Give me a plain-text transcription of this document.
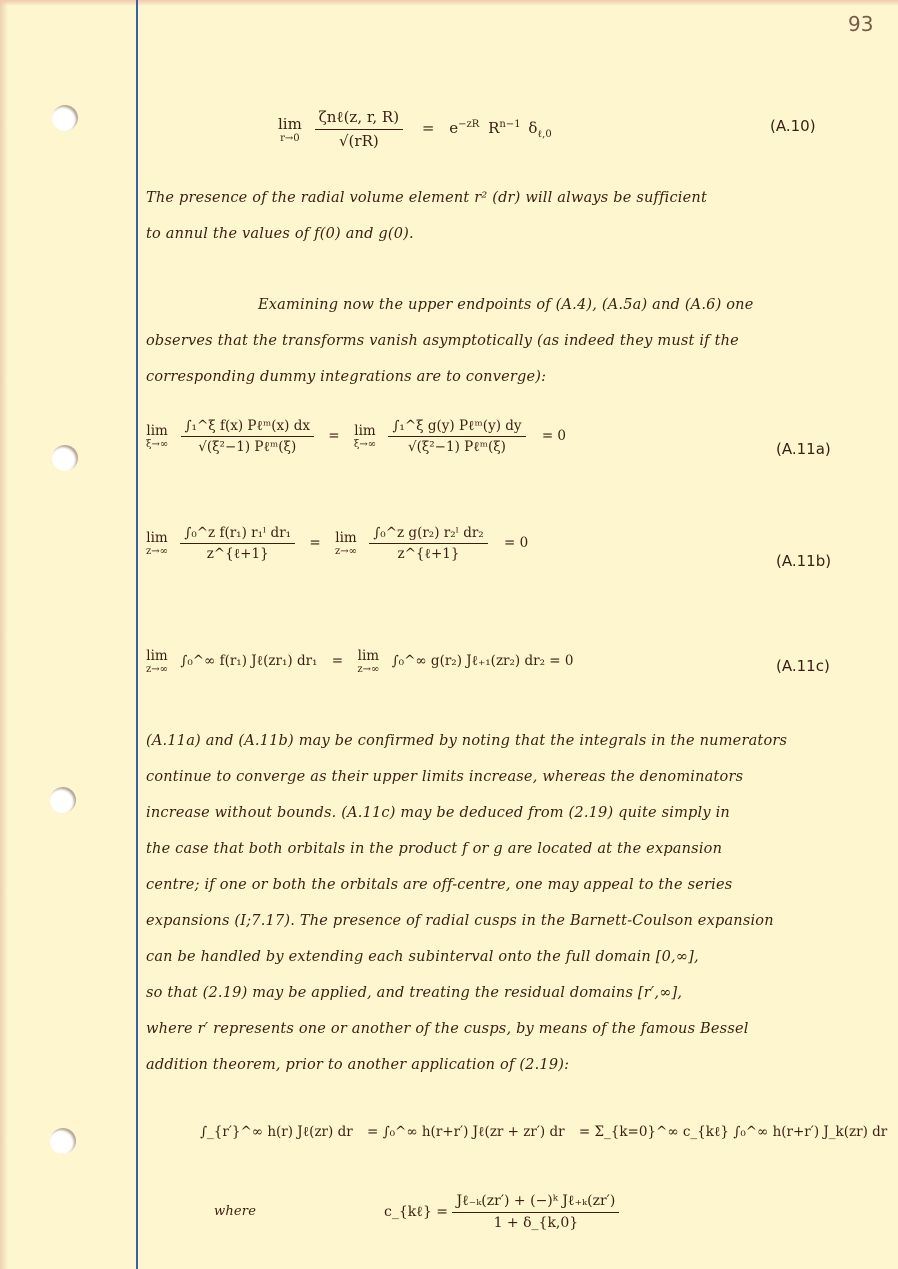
93
lim
r→0
$\frac{\text{ζnℓ(z, r, R)}}{√(rR)} = e^{-zR}$ $R^{n-1}$ $\delta_{\ell,0}$	(A.10)
The presence of the radial volume element r² (dr) will always be sufficient
to annul the values of f(0) and g(0).
Examining now the upper endpoints of (A.4), (A.5a) and (A.6) one
observes that the transforms vanish asymptotically (as indeed they must if the
corresponding dummy integrations are to converge):
lim
ξ→∞
$\frac{\text{∫₁\textasciicircum{}ξ f(x) Pℓᵐ(x) dx}}{\text{√(ξ²−1) Pℓᵐ(ξ)}} = \lim$
ξ→∞
$\frac{\text{∫₁\textasciicircum{}ξ g(y) Pℓᵐ(y) dy}}{\text{√(ξ²−1) Pℓᵐ(ξ)}} = 0$
(A.11a)
lim
z→∞
$\frac{\text{∫₀\textasciicircum{}z f(r₁) r₁ˡ dr₁}}{\text{z\textasciicircum{}\{ℓ+1\}}} = \lim$
z→∞
$\frac{\text{∫₀\textasciicircum{}z g(r₂) r₂ˡ dr₂}}{\text{z\textasciicircum{}\{ℓ+1\}}} = 0$
(A.11b)
lim
z→∞
∫₀^∞ f(r₁) Jℓ(zr₁) dr₁ = lim
z→∞
∫₀^∞ g(r₂) Jℓ₊₁(zr₂) dr₂ = 0	(A.11c)
(A.11a) and (A.11b) may be confirmed by noting that the integrals in the numerators
continue to converge as their upper limits increase, whereas the denominators
increase without bounds. (A.11c) may be deduced from (2.19) quite simply in
the case that both orbitals in the product f or g are located at the expansion
centre; if one or both the orbitals are off-centre, one may appeal to the series
expansions (I;7.17). The presence of radial cusps in the Barnett-Coulson expansion
can be handled by extending each subinterval onto the full domain [0,∞],
so that (2.19) may be applied, and treating the residual domains [r′,∞],
where r′ represents one or another of the cusps, by means of the famous Bessel
addition theorem, prior to another application of (2.19):
∫_{r′}^∞ h(r) Jℓ(zr) dr = ∫₀^∞ h(r+r′) Jℓ(zr + zr′) dr = Σ_{k=0}^∞ c_{kℓ} ∫₀^∞ h(r+r′) J_k(zr) dr
where	c_{kℓ} = $\frac{\text{Jℓ₋ₖ(zr′) + (−)ᵏ Jℓ₊ₖ(zr′)}}{1 + \delta\_\{k,0\}}$
